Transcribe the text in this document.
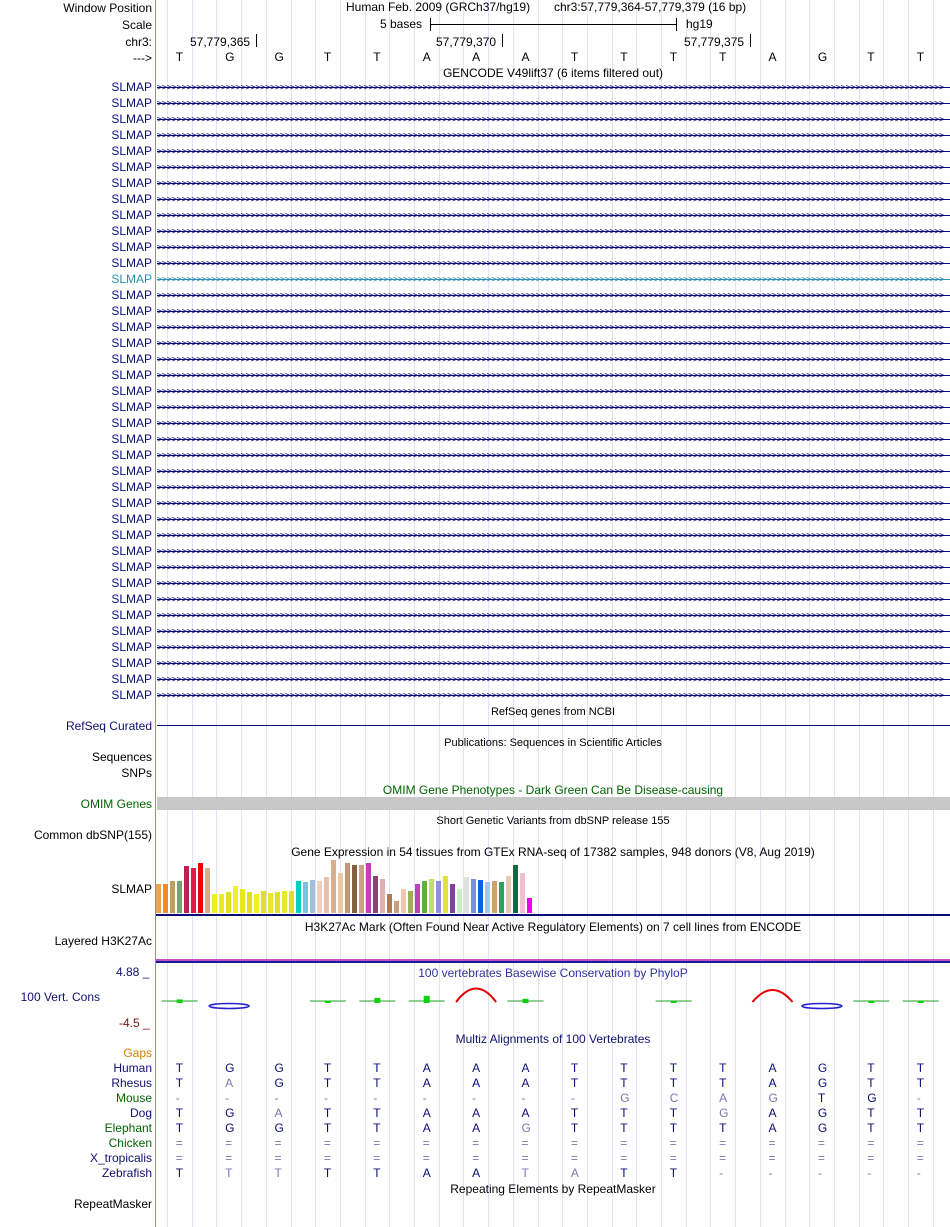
Window Position	Human Feb. 2009 (GRCh37/hg19) chr3:57,779,364-57,779,379 (16 bp)
Scale	5 bases	hg19
chr3:	57,779,365	57,779,370	57,779,375
---> T	G	G	T	T	A	A	A	T	T	T	T	A	G	T	T
GENCODE V49lift37 (6 items filtered out)
SLMAP >>>>>>>>>>>>>>>>>>>>>>>>>>>>>>>>>>>>>>>>>>>>>>>>>>>>>>>>>>>>>>>>>>>>>>>>>>>>>>>>>>>>>>>>>>>>>>>>>>>>>>>>>>>>>>>>>>>>>>>>>>>>>>>>>>>>>>>>>>>>>>>>>>>>>>>>>>>>>>>>
SLMAP >>>>>>>>>>>>>>>>>>>>>>>>>>>>>>>>>>>>>>>>>>>>>>>>>>>>>>>>>>>>>>>>>>>>>>>>>>>>>>>>>>>>>>>>>>>>>>>>>>>>>>>>>>>>>>>>>>>>>>>>>>>>>>>>>>>>>>>>>>>>>>>>>>>>>>>>>>>>>>>>
SLMAP >>>>>>>>>>>>>>>>>>>>>>>>>>>>>>>>>>>>>>>>>>>>>>>>>>>>>>>>>>>>>>>>>>>>>>>>>>>>>>>>>>>>>>>>>>>>>>>>>>>>>>>>>>>>>>>>>>>>>>>>>>>>>>>>>>>>>>>>>>>>>>>>>>>>>>>>>>>>>>>>
SLMAP >>>>>>>>>>>>>>>>>>>>>>>>>>>>>>>>>>>>>>>>>>>>>>>>>>>>>>>>>>>>>>>>>>>>>>>>>>>>>>>>>>>>>>>>>>>>>>>>>>>>>>>>>>>>>>>>>>>>>>>>>>>>>>>>>>>>>>>>>>>>>>>>>>>>>>>>>>>>>>>>
SLMAP >>>>>>>>>>>>>>>>>>>>>>>>>>>>>>>>>>>>>>>>>>>>>>>>>>>>>>>>>>>>>>>>>>>>>>>>>>>>>>>>>>>>>>>>>>>>>>>>>>>>>>>>>>>>>>>>>>>>>>>>>>>>>>>>>>>>>>>>>>>>>>>>>>>>>>>>>>>>>>>>
SLMAP >>>>>>>>>>>>>>>>>>>>>>>>>>>>>>>>>>>>>>>>>>>>>>>>>>>>>>>>>>>>>>>>>>>>>>>>>>>>>>>>>>>>>>>>>>>>>>>>>>>>>>>>>>>>>>>>>>>>>>>>>>>>>>>>>>>>>>>>>>>>>>>>>>>>>>>>>>>>>>>>
SLMAP >>>>>>>>>>>>>>>>>>>>>>>>>>>>>>>>>>>>>>>>>>>>>>>>>>>>>>>>>>>>>>>>>>>>>>>>>>>>>>>>>>>>>>>>>>>>>>>>>>>>>>>>>>>>>>>>>>>>>>>>>>>>>>>>>>>>>>>>>>>>>>>>>>>>>>>>>>>>>>>>
SLMAP >>>>>>>>>>>>>>>>>>>>>>>>>>>>>>>>>>>>>>>>>>>>>>>>>>>>>>>>>>>>>>>>>>>>>>>>>>>>>>>>>>>>>>>>>>>>>>>>>>>>>>>>>>>>>>>>>>>>>>>>>>>>>>>>>>>>>>>>>>>>>>>>>>>>>>>>>>>>>>>>
SLMAP >>>>>>>>>>>>>>>>>>>>>>>>>>>>>>>>>>>>>>>>>>>>>>>>>>>>>>>>>>>>>>>>>>>>>>>>>>>>>>>>>>>>>>>>>>>>>>>>>>>>>>>>>>>>>>>>>>>>>>>>>>>>>>>>>>>>>>>>>>>>>>>>>>>>>>>>>>>>>>>>
SLMAP >>>>>>>>>>>>>>>>>>>>>>>>>>>>>>>>>>>>>>>>>>>>>>>>>>>>>>>>>>>>>>>>>>>>>>>>>>>>>>>>>>>>>>>>>>>>>>>>>>>>>>>>>>>>>>>>>>>>>>>>>>>>>>>>>>>>>>>>>>>>>>>>>>>>>>>>>>>>>>>>
SLMAP >>>>>>>>>>>>>>>>>>>>>>>>>>>>>>>>>>>>>>>>>>>>>>>>>>>>>>>>>>>>>>>>>>>>>>>>>>>>>>>>>>>>>>>>>>>>>>>>>>>>>>>>>>>>>>>>>>>>>>>>>>>>>>>>>>>>>>>>>>>>>>>>>>>>>>>>>>>>>>>>
SLMAP >>>>>>>>>>>>>>>>>>>>>>>>>>>>>>>>>>>>>>>>>>>>>>>>>>>>>>>>>>>>>>>>>>>>>>>>>>>>>>>>>>>>>>>>>>>>>>>>>>>>>>>>>>>>>>>>>>>>>>>>>>>>>>>>>>>>>>>>>>>>>>>>>>>>>>>>>>>>>>>>
SLMAP >>>>>>>>>>>>>>>>>>>>>>>>>>>>>>>>>>>>>>>>>>>>>>>>>>>>>>>>>>>>>>>>>>>>>>>>>>>>>>>>>>>>>>>>>>>>>>>>>>>>>>>>>>>>>>>>>>>>>>>>>>>>>>>>>>>>>>>>>>>>>>>>>>>>>>>>>>>>>>>>
SLMAP >>>>>>>>>>>>>>>>>>>>>>>>>>>>>>>>>>>>>>>>>>>>>>>>>>>>>>>>>>>>>>>>>>>>>>>>>>>>>>>>>>>>>>>>>>>>>>>>>>>>>>>>>>>>>>>>>>>>>>>>>>>>>>>>>>>>>>>>>>>>>>>>>>>>>>>>>>>>>>>>
SLMAP >>>>>>>>>>>>>>>>>>>>>>>>>>>>>>>>>>>>>>>>>>>>>>>>>>>>>>>>>>>>>>>>>>>>>>>>>>>>>>>>>>>>>>>>>>>>>>>>>>>>>>>>>>>>>>>>>>>>>>>>>>>>>>>>>>>>>>>>>>>>>>>>>>>>>>>>>>>>>>>>
SLMAP >>>>>>>>>>>>>>>>>>>>>>>>>>>>>>>>>>>>>>>>>>>>>>>>>>>>>>>>>>>>>>>>>>>>>>>>>>>>>>>>>>>>>>>>>>>>>>>>>>>>>>>>>>>>>>>>>>>>>>>>>>>>>>>>>>>>>>>>>>>>>>>>>>>>>>>>>>>>>>>>
SLMAP >>>>>>>>>>>>>>>>>>>>>>>>>>>>>>>>>>>>>>>>>>>>>>>>>>>>>>>>>>>>>>>>>>>>>>>>>>>>>>>>>>>>>>>>>>>>>>>>>>>>>>>>>>>>>>>>>>>>>>>>>>>>>>>>>>>>>>>>>>>>>>>>>>>>>>>>>>>>>>>>
SLMAP >>>>>>>>>>>>>>>>>>>>>>>>>>>>>>>>>>>>>>>>>>>>>>>>>>>>>>>>>>>>>>>>>>>>>>>>>>>>>>>>>>>>>>>>>>>>>>>>>>>>>>>>>>>>>>>>>>>>>>>>>>>>>>>>>>>>>>>>>>>>>>>>>>>>>>>>>>>>>>>>
SLMAP >>>>>>>>>>>>>>>>>>>>>>>>>>>>>>>>>>>>>>>>>>>>>>>>>>>>>>>>>>>>>>>>>>>>>>>>>>>>>>>>>>>>>>>>>>>>>>>>>>>>>>>>>>>>>>>>>>>>>>>>>>>>>>>>>>>>>>>>>>>>>>>>>>>>>>>>>>>>>>>>
SLMAP >>>>>>>>>>>>>>>>>>>>>>>>>>>>>>>>>>>>>>>>>>>>>>>>>>>>>>>>>>>>>>>>>>>>>>>>>>>>>>>>>>>>>>>>>>>>>>>>>>>>>>>>>>>>>>>>>>>>>>>>>>>>>>>>>>>>>>>>>>>>>>>>>>>>>>>>>>>>>>>>
SLMAP >>>>>>>>>>>>>>>>>>>>>>>>>>>>>>>>>>>>>>>>>>>>>>>>>>>>>>>>>>>>>>>>>>>>>>>>>>>>>>>>>>>>>>>>>>>>>>>>>>>>>>>>>>>>>>>>>>>>>>>>>>>>>>>>>>>>>>>>>>>>>>>>>>>>>>>>>>>>>>>>
SLMAP >>>>>>>>>>>>>>>>>>>>>>>>>>>>>>>>>>>>>>>>>>>>>>>>>>>>>>>>>>>>>>>>>>>>>>>>>>>>>>>>>>>>>>>>>>>>>>>>>>>>>>>>>>>>>>>>>>>>>>>>>>>>>>>>>>>>>>>>>>>>>>>>>>>>>>>>>>>>>>>>
SLMAP >>>>>>>>>>>>>>>>>>>>>>>>>>>>>>>>>>>>>>>>>>>>>>>>>>>>>>>>>>>>>>>>>>>>>>>>>>>>>>>>>>>>>>>>>>>>>>>>>>>>>>>>>>>>>>>>>>>>>>>>>>>>>>>>>>>>>>>>>>>>>>>>>>>>>>>>>>>>>>>>
SLMAP >>>>>>>>>>>>>>>>>>>>>>>>>>>>>>>>>>>>>>>>>>>>>>>>>>>>>>>>>>>>>>>>>>>>>>>>>>>>>>>>>>>>>>>>>>>>>>>>>>>>>>>>>>>>>>>>>>>>>>>>>>>>>>>>>>>>>>>>>>>>>>>>>>>>>>>>>>>>>>>>
SLMAP >>>>>>>>>>>>>>>>>>>>>>>>>>>>>>>>>>>>>>>>>>>>>>>>>>>>>>>>>>>>>>>>>>>>>>>>>>>>>>>>>>>>>>>>>>>>>>>>>>>>>>>>>>>>>>>>>>>>>>>>>>>>>>>>>>>>>>>>>>>>>>>>>>>>>>>>>>>>>>>>
SLMAP >>>>>>>>>>>>>>>>>>>>>>>>>>>>>>>>>>>>>>>>>>>>>>>>>>>>>>>>>>>>>>>>>>>>>>>>>>>>>>>>>>>>>>>>>>>>>>>>>>>>>>>>>>>>>>>>>>>>>>>>>>>>>>>>>>>>>>>>>>>>>>>>>>>>>>>>>>>>>>>>
SLMAP >>>>>>>>>>>>>>>>>>>>>>>>>>>>>>>>>>>>>>>>>>>>>>>>>>>>>>>>>>>>>>>>>>>>>>>>>>>>>>>>>>>>>>>>>>>>>>>>>>>>>>>>>>>>>>>>>>>>>>>>>>>>>>>>>>>>>>>>>>>>>>>>>>>>>>>>>>>>>>>>
SLMAP >>>>>>>>>>>>>>>>>>>>>>>>>>>>>>>>>>>>>>>>>>>>>>>>>>>>>>>>>>>>>>>>>>>>>>>>>>>>>>>>>>>>>>>>>>>>>>>>>>>>>>>>>>>>>>>>>>>>>>>>>>>>>>>>>>>>>>>>>>>>>>>>>>>>>>>>>>>>>>>>
SLMAP >>>>>>>>>>>>>>>>>>>>>>>>>>>>>>>>>>>>>>>>>>>>>>>>>>>>>>>>>>>>>>>>>>>>>>>>>>>>>>>>>>>>>>>>>>>>>>>>>>>>>>>>>>>>>>>>>>>>>>>>>>>>>>>>>>>>>>>>>>>>>>>>>>>>>>>>>>>>>>>>
SLMAP >>>>>>>>>>>>>>>>>>>>>>>>>>>>>>>>>>>>>>>>>>>>>>>>>>>>>>>>>>>>>>>>>>>>>>>>>>>>>>>>>>>>>>>>>>>>>>>>>>>>>>>>>>>>>>>>>>>>>>>>>>>>>>>>>>>>>>>>>>>>>>>>>>>>>>>>>>>>>>>>
SLMAP >>>>>>>>>>>>>>>>>>>>>>>>>>>>>>>>>>>>>>>>>>>>>>>>>>>>>>>>>>>>>>>>>>>>>>>>>>>>>>>>>>>>>>>>>>>>>>>>>>>>>>>>>>>>>>>>>>>>>>>>>>>>>>>>>>>>>>>>>>>>>>>>>>>>>>>>>>>>>>>>
SLMAP >>>>>>>>>>>>>>>>>>>>>>>>>>>>>>>>>>>>>>>>>>>>>>>>>>>>>>>>>>>>>>>>>>>>>>>>>>>>>>>>>>>>>>>>>>>>>>>>>>>>>>>>>>>>>>>>>>>>>>>>>>>>>>>>>>>>>>>>>>>>>>>>>>>>>>>>>>>>>>>>
SLMAP >>>>>>>>>>>>>>>>>>>>>>>>>>>>>>>>>>>>>>>>>>>>>>>>>>>>>>>>>>>>>>>>>>>>>>>>>>>>>>>>>>>>>>>>>>>>>>>>>>>>>>>>>>>>>>>>>>>>>>>>>>>>>>>>>>>>>>>>>>>>>>>>>>>>>>>>>>>>>>>>
SLMAP >>>>>>>>>>>>>>>>>>>>>>>>>>>>>>>>>>>>>>>>>>>>>>>>>>>>>>>>>>>>>>>>>>>>>>>>>>>>>>>>>>>>>>>>>>>>>>>>>>>>>>>>>>>>>>>>>>>>>>>>>>>>>>>>>>>>>>>>>>>>>>>>>>>>>>>>>>>>>>>>
SLMAP >>>>>>>>>>>>>>>>>>>>>>>>>>>>>>>>>>>>>>>>>>>>>>>>>>>>>>>>>>>>>>>>>>>>>>>>>>>>>>>>>>>>>>>>>>>>>>>>>>>>>>>>>>>>>>>>>>>>>>>>>>>>>>>>>>>>>>>>>>>>>>>>>>>>>>>>>>>>>>>>
SLMAP >>>>>>>>>>>>>>>>>>>>>>>>>>>>>>>>>>>>>>>>>>>>>>>>>>>>>>>>>>>>>>>>>>>>>>>>>>>>>>>>>>>>>>>>>>>>>>>>>>>>>>>>>>>>>>>>>>>>>>>>>>>>>>>>>>>>>>>>>>>>>>>>>>>>>>>>>>>>>>>>
SLMAP >>>>>>>>>>>>>>>>>>>>>>>>>>>>>>>>>>>>>>>>>>>>>>>>>>>>>>>>>>>>>>>>>>>>>>>>>>>>>>>>>>>>>>>>>>>>>>>>>>>>>>>>>>>>>>>>>>>>>>>>>>>>>>>>>>>>>>>>>>>>>>>>>>>>>>>>>>>>>>>>
SLMAP >>>>>>>>>>>>>>>>>>>>>>>>>>>>>>>>>>>>>>>>>>>>>>>>>>>>>>>>>>>>>>>>>>>>>>>>>>>>>>>>>>>>>>>>>>>>>>>>>>>>>>>>>>>>>>>>>>>>>>>>>>>>>>>>>>>>>>>>>>>>>>>>>>>>>>>>>>>>>>>>
SLMAP >>>>>>>>>>>>>>>>>>>>>>>>>>>>>>>>>>>>>>>>>>>>>>>>>>>>>>>>>>>>>>>>>>>>>>>>>>>>>>>>>>>>>>>>>>>>>>>>>>>>>>>>>>>>>>>>>>>>>>>>>>>>>>>>>>>>>>>>>>>>>>>>>>>>>>>>>>>>>>>>
RefSeq genes from NCBI
RefSeq Curated
Publications: Sequences in Scientific Articles
Sequences
SNPs
OMIM Gene Phenotypes - Dark Green Can Be Disease-causing
OMIM Genes
Short Genetic Variants from dbSNP release 155
Common dbSNP(155)
Gene Expression in 54 tissues from GTEx RNA-seq of 17382 samples, 948 donors (V8, Aug 2019)
SLMAP
H3K27Ac Mark (Often Found Near Active Regulatory Elements) on 7 cell lines from ENCODE
Layered H3K27Ac
100 vertebrates Basewise Conservation by PhyloP
4.88 _
100 Vert. Cons
-4.5 _
Multiz Alignments of 100 Vertebrates
Gaps
Human T	G	G	T	T	A	A	A	T	T	T	T	A	G	T	T
Rhesus T	A	G	T	T	A	A	A	T	T	T	T	A	G	T	T
Mouse -	-	-	-	-	-	-	-	-	G	C	A	G	T	G	-
Dog T	G	A	T	T	A	A	A	T	T	T	G	A	G	T	T
Elephant T	G	G	T	T	A	A	G	T	T	T	T	A	G	T	T
Chicken =	=	=	=	=	=	=	=	=	=	=	=	=	=	=	=
X_tropicalis =	=	=	=	=	=	=	=	=	=	=	=	=	=	=	=
Zebrafish T	T	T	T	T	A	A	T	A	T	T	-	-	-	-	-
Repeating Elements by RepeatMasker
RepeatMasker
